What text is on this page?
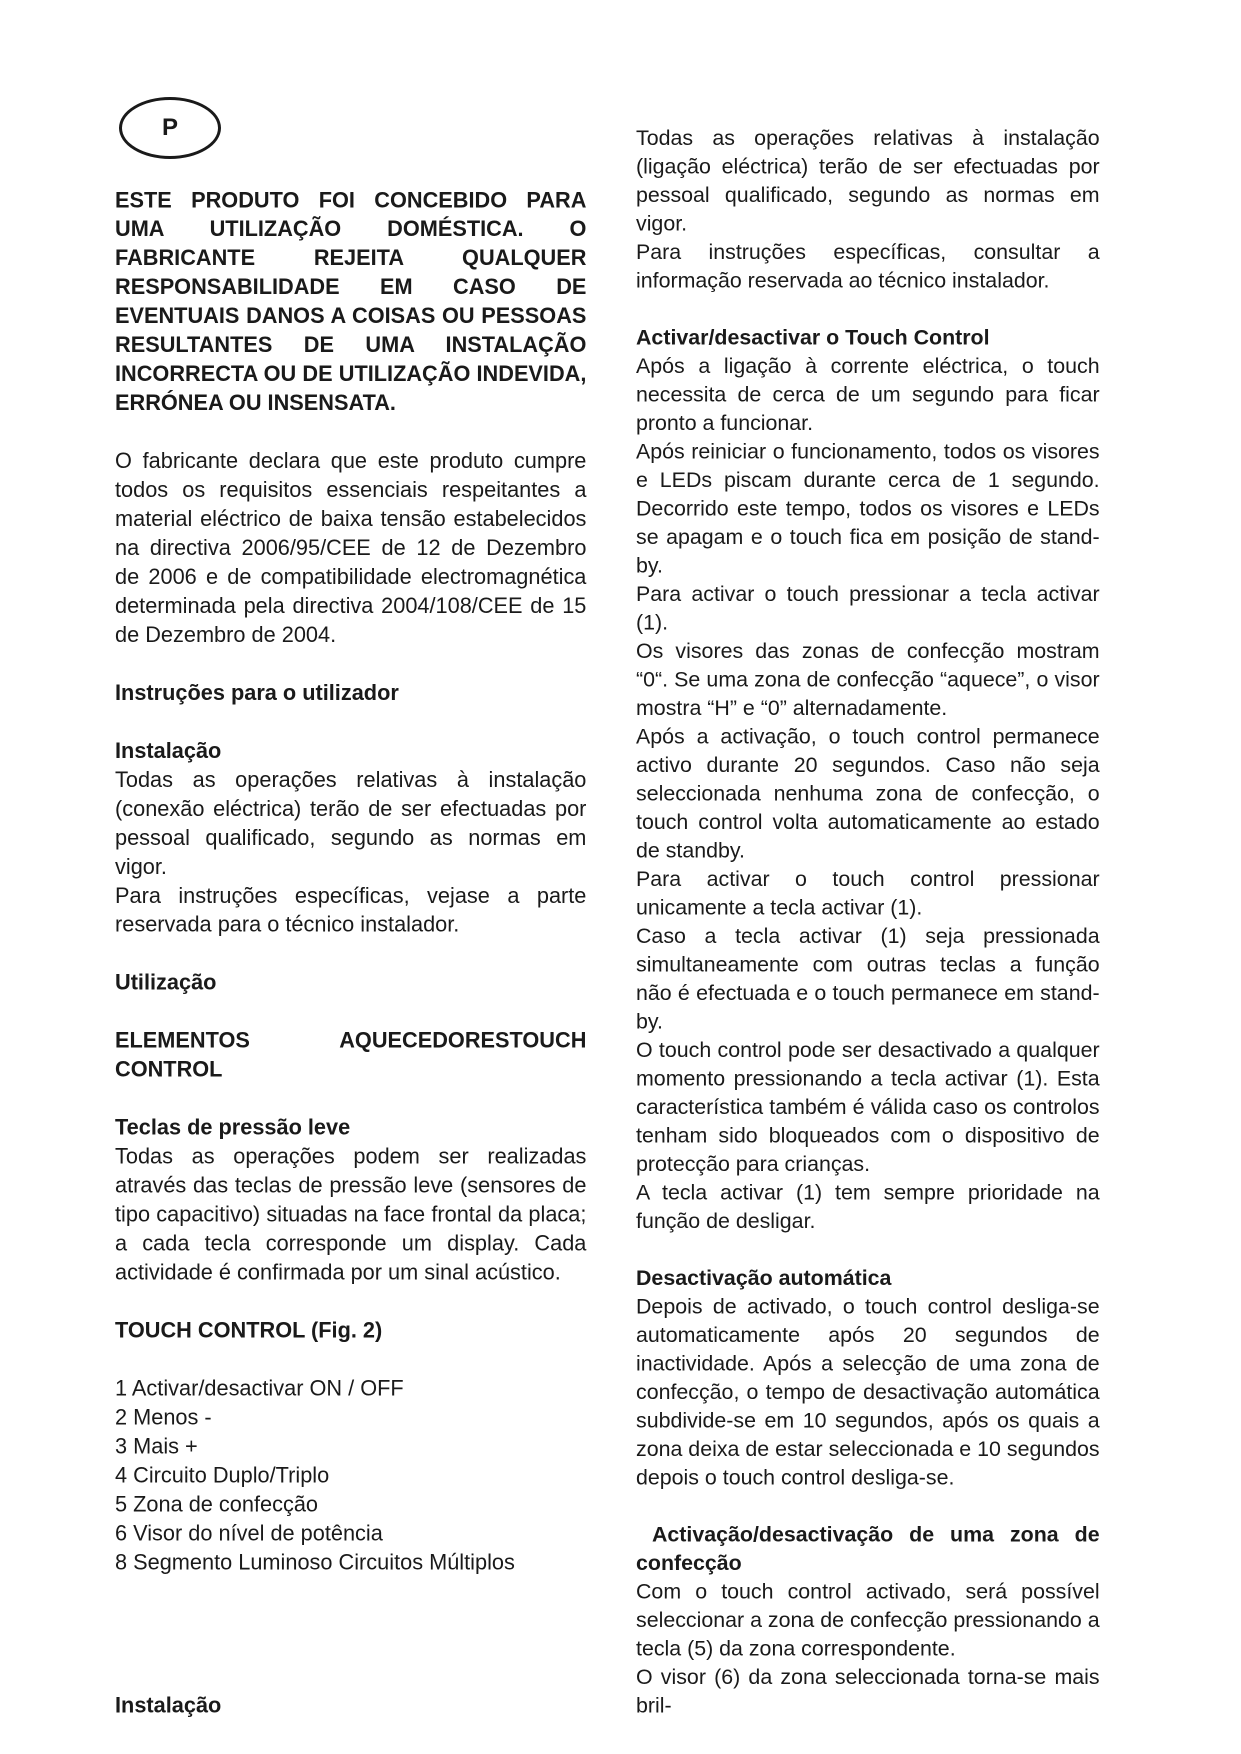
P

ESTE PRODUTO FOI CONCEBIDO PARA UMA UTILIZAÇÃO DOMÉSTICA. O FABRICANTE REJEITA QUALQUER RESPONSABILIDADE EM CASO DE EVENTUAIS DANOS A COISAS OU PESSOAS RESULTANTES DE UMA INSTALAÇÃO INCORRECTA OU DE UTILIZAÇÃO INDEVIDA, ERRÓNEA OU INSENSATA.

O fabricante declara que este produto cumpre todos os requisitos essenciais respeitantes a material eléctrico de baixa tensão estabelecidos na directiva 2006/95/CEE de 12 de Dezembro de 2006 e de compatibilidade electromagnética determinada pela directiva 2004/108/CEE de 15 de Dezembro de 2004.

Instruções para o utilizador

Instalação

Todas as operações relativas à instalação (conexão eléctrica) terão de ser efectuadas por pessoal qualificado, segundo as normas em vigor.

Para instruções específicas, vejase a parte reservada para o técnico instalador.

Utilização

ELEMENTOS AQUECEDORESTOUCH CONTROL

Teclas de pressão leve

Todas as operações podem ser realizadas através das teclas de pressão leve (sensores de tipo capacitivo) situadas na face frontal da placa; a cada tecla corresponde um display. Cada actividade é confirmada por um sinal acústico.

TOUCH CONTROL (Fig. 2)

1 Activar/desactivar ON / OFF
2 Menos -
3 Mais +
4 Circuito Duplo/Triplo
5 Zona de confecção
6 Visor do nível de potência
8 Segmento Luminoso Circuitos Múltiplos

Instalação

Todas as operações relativas à instalação (ligação eléctrica) terão de ser efectuadas por pessoal qualificado, segundo as normas em vigor.

Para instruções específicas, consultar a informação reservada ao técnico instalador.

Activar/desactivar o Touch Control

Após a ligação à corrente eléctrica, o touch necessita de cerca de um segundo para ficar pronto a funcionar.

Após reiniciar o funcionamento, todos os visores e LEDs piscam durante cerca de 1 segundo. Decorrido este tempo, todos os visores e LEDs se apagam e o touch fica em posição de stand-by.

Para activar o touch pressionar a tecla activar (1).

Os visores das zonas de confecção mostram “0“. Se uma zona de confecção “aquece”, o visor mostra “H” e “0” alternadamente.

Após a activação, o touch control permanece activo durante 20 segundos. Caso não seja seleccionada nenhuma zona de confecção, o touch control volta automaticamente ao estado de standby.

Para activar o touch control pressionar unicamente a tecla activar (1).

Caso a tecla activar (1) seja pressionada simultaneamente com outras teclas a função não é efectuada e o touch permanece em stand-by.

O touch control pode ser desactivado a qualquer momento pressionando a tecla activar (1). Esta característica também é válida caso os controlos tenham sido bloqueados com o dispositivo de protecção para crianças.

A tecla activar (1) tem sempre prioridade na função de desligar.

Desactivação automática

Depois de activado, o touch control desliga-se automaticamente após 20 segundos de inactividade. Após a selecção de uma zona de confecção, o tempo de desactivação automática subdivide-se em 10 segundos, após os quais a zona deixa de estar seleccionada e 10 segundos depois o touch control desliga-se.

Activação/desactivação de uma zona de confecção

Com o touch control activado, será possível seleccionar a zona de confecção pressionando a tecla (5) da zona correspondente.

O visor (6) da zona seleccionada torna-se mais bril-
